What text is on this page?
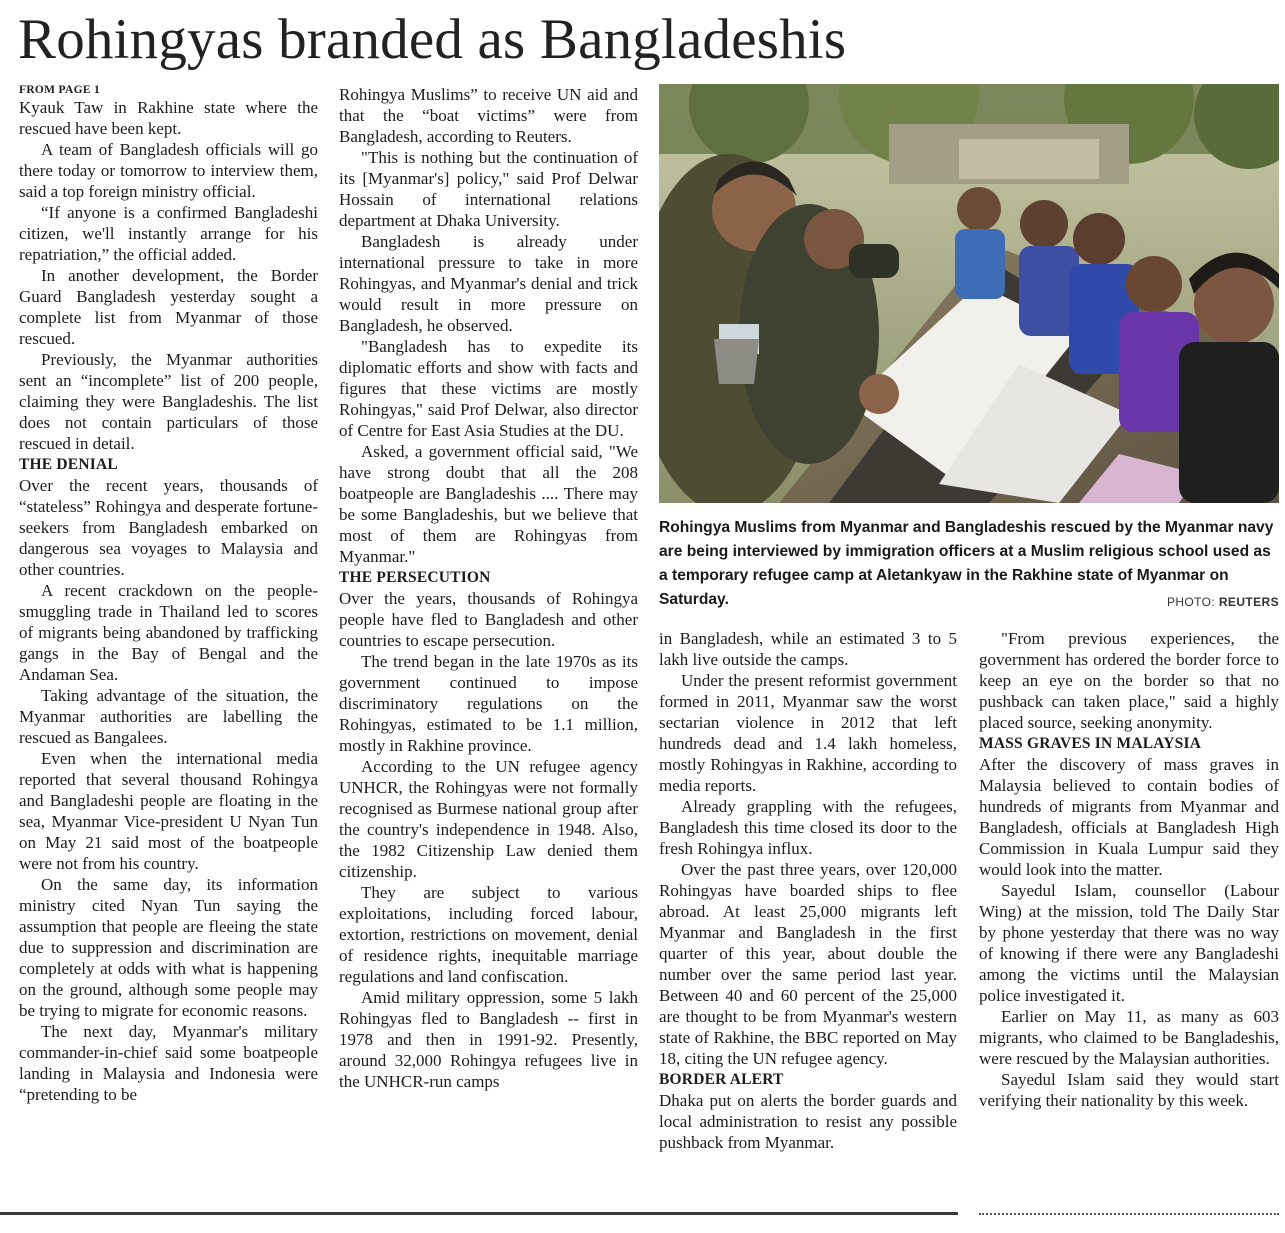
Rohingyas branded as Bangladeshis
FROM PAGE 1

Kyauk Taw in Rakhine state where the rescued have been kept.

A team of Bangladesh officials will go there today or tomorrow to interview them, said a top foreign ministry official.

“If anyone is a confirmed Bangladeshi citizen, we'll instantly arrange for his repatriation,” the official added.

In another development, the Border Guard Bangladesh yesterday sought a complete list from Myanmar of those rescued.

Previously, the Myanmar authorities sent an “incomplete” list of 200 people, claiming they were Bangladeshis. The list does not contain particulars of those rescued in detail.

THE DENIAL

Over the recent years, thousands of “stateless” Rohingya and desperate fortune-seekers from Bangladesh embarked on dangerous sea voyages to Malaysia and other countries.

A recent crackdown on the people-smuggling trade in Thailand led to scores of migrants being abandoned by trafficking gangs in the Bay of Bengal and the Andaman Sea.

Taking advantage of the situation, the Myanmar authorities are labelling the rescued as Bangalees.

Even when the international media reported that several thousand Rohingya and Bangladeshi people are floating in the sea, Myanmar Vice-president U Nyan Tun on May 21 said most of the boatpeople were not from his country.

On the same day, its information ministry cited Nyan Tun saying the assumption that people are fleeing the state due to suppression and discrimination are completely at odds with what is happening on the ground, although some people may be trying to migrate for economic reasons.

The next day, Myanmar's military commander-in-chief said some boatpeople landing in Malaysia and Indonesia were “pretending to be

Rohingya Muslims” to receive UN aid and that the “boat victims” were from Bangladesh, according to Reuters.

"This is nothing but the continuation of its [Myanmar's] policy," said Prof Delwar Hossain of international relations department at Dhaka University.

Bangladesh is already under international pressure to take in more Rohingyas, and Myanmar's denial and trick would result in more pressure on Bangladesh, he observed.

"Bangladesh has to expedite its diplomatic efforts and show with facts and figures that these victims are mostly Rohingyas," said Prof Delwar, also director of Centre for East Asia Studies at the DU.

Asked, a government official said, "We have strong doubt that all the 208 boatpeople are Bangladeshis .... There may be some Bangladeshis, but we believe that most of them are Rohingyas from Myanmar."

THE PERSECUTION

Over the years, thousands of Rohingya people have fled to Bangladesh and other countries to escape persecution.

The trend began in the late 1970s as its government continued to impose discriminatory regulations on the Rohingyas, estimated to be 1.1 million, mostly in Rakhine province.

According to the UN refugee agency UNHCR, the Rohingyas were not formally recognised as Burmese national group after the country's independence in 1948. Also, the 1982 Citizenship Law denied them citizenship.

They are subject to various exploitations, including forced labour, extortion, restrictions on movement, denial of residence rights, inequitable marriage regulations and land confiscation.

Amid military oppression, some 5 lakh Rohingyas fled to Bangladesh -- first in 1978 and then in 1991-92. Presently, around 32,000 Rohingya refugees live in the UNHCR-run camps

Rohingya Muslims from Myanmar and Bangladeshis rescued by the Myanmar navy are being interviewed by immigration officers at a Muslim religious school used as a temporary refugee camp at Aletankyaw in the Rakhine state of Myanmar on Saturday.	PHOTO: REUTERS

in Bangladesh, while an estimated 3 to 5 lakh live outside the camps.

Under the present reformist government formed in 2011, Myanmar saw the worst sectarian violence in 2012 that left hundreds dead and 1.4 lakh homeless, mostly Rohingyas in Rakhine, according to media reports.

Already grappling with the refugees, Bangladesh this time closed its door to the fresh Rohingya influx.

Over the past three years, over 120,000 Rohingyas have boarded ships to flee abroad. At least 25,000 migrants left Myanmar and Bangladesh in the first quarter of this year, about double the number over the same period last year. Between 40 and 60 percent of the 25,000 are thought to be from Myanmar's western state of Rakhine, the BBC reported on May 18, citing the UN refugee agency.

BORDER ALERT

Dhaka put on alerts the border guards and local administration to resist any possible pushback from Myanmar.

"From previous experiences, the government has ordered the border force to keep an eye on the border so that no pushback can taken place," said a highly placed source, seeking anonymity.

MASS GRAVES IN MALAYSIA

After the discovery of mass graves in Malaysia believed to contain bodies of hundreds of migrants from Myanmar and Bangladesh, officials at Bangladesh High Commission in Kuala Lumpur said they would look into the matter.

Sayedul Islam, counsellor (Labour Wing) at the mission, told The Daily Star by phone yesterday that there was no way of knowing if there were any Bangladeshi among the victims until the Malaysian police investigated it.

Earlier on May 11, as many as 603 migrants, who claimed to be Bangladeshis, were rescued by the Malaysian authorities.

Sayedul Islam said they would start verifying their nationality by this week.
